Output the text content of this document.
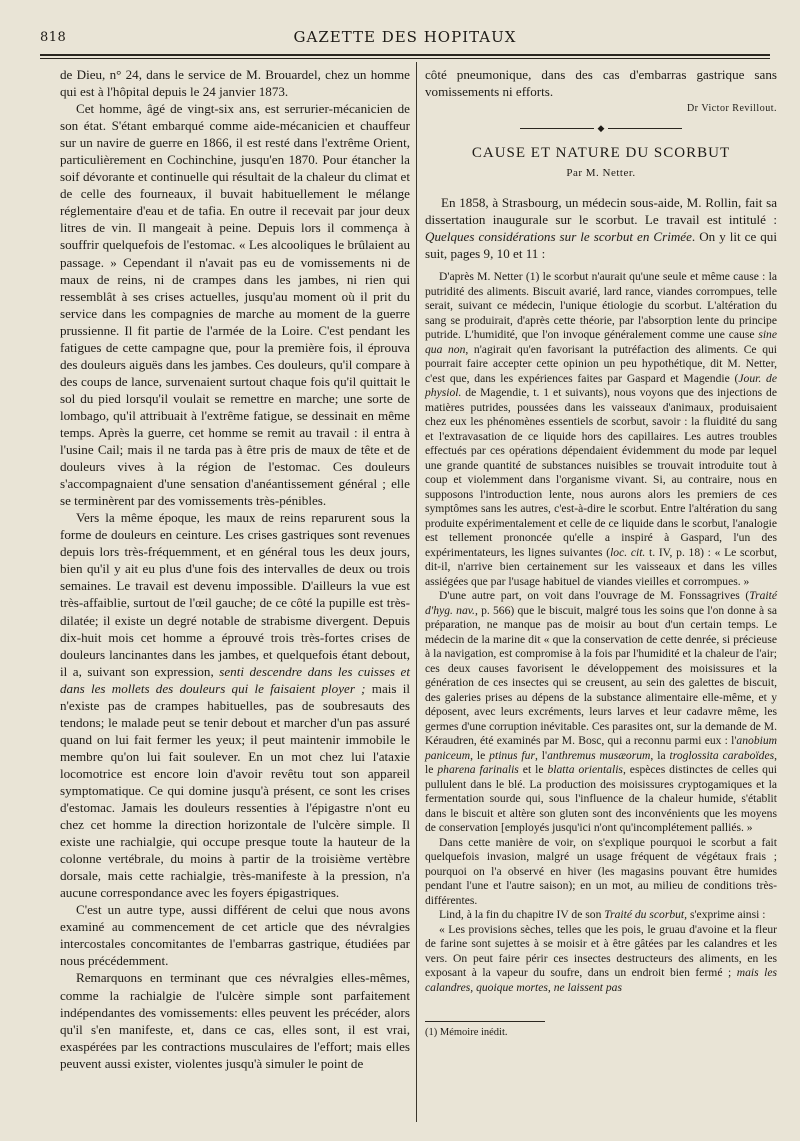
818	GAZETTE DES HOPITAUX

de Dieu, n° 24, dans le service de M. Brouardel, chez un homme qui est à l'hôpital depuis le 24 janvier 1873.

Cet homme, âgé de vingt-six ans, est serrurier-mécanicien de son état. S'étant embarqué comme aide-mécanicien et chauffeur sur un navire de guerre en 1866, il est resté dans l'extrême Orient, particulièrement en Cochinchine, jusqu'en 1870. Pour étancher la soif dévorante et continuelle qui résultait de la chaleur du climat et de celle des fourneaux, il buvait habituellement le mélange réglementaire d'eau et de tafia. En outre il recevait par jour deux litres de vin. Il mangeait à peine. Depuis lors il commença à souffrir quelquefois de l'estomac. « Les alcooliques le brûlaient au passage. » Cependant il n'avait pas eu de vomissements ni de maux de reins, ni de crampes dans les jambes, ni rien qui ressemblât à ses crises actuelles, jusqu'au moment où il prit du service dans les compagnies de marche au moment de la guerre prussienne. Il fit partie de l'armée de la Loire. C'est pendant les fatigues de cette campagne que, pour la première fois, il éprouva des douleurs aiguës dans les jambes. Ces douleurs, qu'il compare à des coups de lance, survenaient surtout chaque fois qu'il quittait le sol du pied lorsqu'il voulait se remettre en marche; une sorte de lombago, qu'il attribuait à l'extrême fatigue, se dessinait en même temps. Après la guerre, cet homme se remit au travail : il entra à l'usine Cail; mais il ne tarda pas à être pris de maux de tête et de douleurs vives à la région de l'estomac. Ces douleurs s'accompagnaient d'une sensation d'anéantissement général ; elle se terminèrent par des vomissements très-pénibles.

Vers la même époque, les maux de reins reparurent sous la forme de douleurs en ceinture. Les crises gastriques sont revenues depuis lors très-fréquemment, et en général tous les deux jours, bien qu'il y ait eu plus d'une fois des intervalles de deux ou trois semaines. Le travail est devenu impossible. D'ailleurs la vue est très-affaiblie, surtout de l'œil gauche; de ce côté la pupille est très-dilatée; il existe un degré notable de strabisme divergent. Depuis dix-huit mois cet homme a éprouvé trois très-fortes crises de douleurs lancinantes dans les jambes, et quelquefois étant debout, il a, suivant son expression, senti descendre dans les cuisses et dans les mollets des douleurs qui le faisaient ployer ; mais il n'existe pas de crampes habituelles, pas de soubresauts des tendons; le malade peut se tenir debout et marcher d'un pas assuré quand on lui fait fermer les yeux; il peut maintenir immobile le membre qu'on lui fait soulever. En un mot chez lui l'ataxie locomotrice est encore loin d'avoir revêtu tout son appareil symptomatique. Ce qui domine jusqu'à présent, ce sont les crises d'estomac. Jamais les douleurs ressenties à l'épigastre n'ont eu chez cet homme la direction horizontale de l'ulcère simple. Il existe une rachialgie, qui occupe presque toute la hauteur de la colonne vertébrale, du moins à partir de la troisième vertèbre dorsale, mais cette rachialgie, très-manifeste à la pression, n'a aucune correspondance avec les foyers épigastriques.

C'est un autre type, aussi différent de celui que nous avons examiné au commencement de cet article que des névralgies intercostales concomitantes de l'embarras gastrique, étudiées par nous précédemment.

Remarquons en terminant que ces névralgies elles-mêmes, comme la rachialgie de l'ulcère simple sont parfaitement indépendantes des vomissements: elles peuvent les précéder, alors qu'il s'en manifeste, et, dans ce cas, elles sont, il est vrai, exaspérées par les contractions musculaires de l'effort; mais elles peuvent aussi exister, violentes jusqu'à simuler le point de

côté pneumonique, dans des cas d'embarras gastrique sans vomissements ni efforts.

Dr Victor Revillout.
◆
CAUSE ET NATURE DU SCORBUT
Par M. Netter.

En 1858, à Strasbourg, un médecin sous-aide, M. Rollin, fait sa dissertation inaugurale sur le scorbut. Le travail est intitulé : Quelques considérations sur le scorbut en Crimée. On y lit ce qui suit, pages 9, 10 et 11 :

D'après M. Netter (1) le scorbut n'aurait qu'une seule et même cause : la putridité des aliments. Biscuit avarié, lard rance, viandes corrompues, telle serait, suivant ce médecin, l'unique étiologie du scorbut. L'altération du sang se produirait, d'après cette théorie, par l'absorption lente du principe putride. L'humidité, que l'on invoque généralement comme une cause sine qua non, n'agirait qu'en favorisant la putréfaction des aliments. Ce qui pourrait faire accepter cette opinion un peu hypothétique, dit M. Netter, c'est que, dans les expériences faites par Gaspard et Magendie (Jour. de physiol. de Magendie, t. 1 et suivants), nous voyons que des injections de matières putrides, poussées dans les vaisseaux d'animaux, produisaient chez eux les phénomènes essentiels de scorbut, savoir : la fluidité du sang et l'extravasation de ce liquide hors des capillaires. Les autres troubles effectués par ces opérations dépendaient évidemment du mode par lequel une grande quantité de substances nuisibles se trouvait introduite tout à coup et violemment dans l'organisme vivant. Si, au contraire, nous en supposons l'introduction lente, nous aurons alors les premiers de ces symptômes sans les autres, c'est-à-dire le scorbut. Entre l'altération du sang produite expérimentalement et celle de ce liquide dans le scorbut, l'analogie est tellement prononcée qu'elle a inspiré à Gaspard, l'un des expérimentateurs, les lignes suivantes (loc. cit. t. IV, p. 18) : « Le scorbut, dit-il, n'arrive bien certainement sur les vaisseaux et dans les villes assiégées que par l'usage habituel de viandes vieilles et corrompues. »

D'une autre part, on voit dans l'ouvrage de M. Fonssagrives (Traité d'hyg. nav., p. 566) que le biscuit, malgré tous les soins que l'on donne à sa préparation, ne manque pas de moisir au bout d'un certain temps. Le médecin de la marine dit « que la conservation de cette denrée, si précieuse à la navigation, est compromise à la fois par l'humidité et la chaleur de l'air; ces deux causes favorisent le développement des moisissures et la génération de ces insectes qui se creusent, au sein des galettes de biscuit, des galeries prises au dépens de la substance alimentaire elle-même, et y déposent, avec leurs excréments, leurs larves et leur cadavre même, les germes d'une corruption inévitable. Ces parasites ont, sur la demande de M. Kéraudren, été examinés par M. Bosc, qui a reconnu parmi eux : l'anobium paniceum, le ptinus fur, l'anthremus musæorum, la troglossita caraboïdes, le pharena farinalis et le blatta orientalis, espèces distinctes de celles qui pullulent dans le blé. La production des moisissures cryptogamiques et la fermentation sourde qui, sous l'influence de la chaleur humide, s'établit dans le biscuit et altère son gluten sont des inconvénients que les moyens de conservation [employés jusqu'ici n'ont qu'incomplétement palliés. »

Dans cette manière de voir, on s'explique pourquoi le scorbut a fait quelquefois invasion, malgré un usage fréquent de végétaux frais ; pourquoi on l'a observé en hiver (les magasins pouvant être humides pendant l'une et l'autre saison); en un mot, au milieu de conditions très-différentes.

Lind, à la fin du chapitre IV de son Traité du scorbut, s'exprime ainsi :

« Les provisions sèches, telles que les pois, le gruau d'avoine et la fleur de farine sont sujettes à se moisir et à être gâtées par les calandres et les vers. On peut faire périr ces insectes destructeurs des aliments, en les exposant à la vapeur du soufre, dans un endroit bien fermé ; mais les calandres, quoique mortes, ne laissent pas

(1) Mémoire inédit.
